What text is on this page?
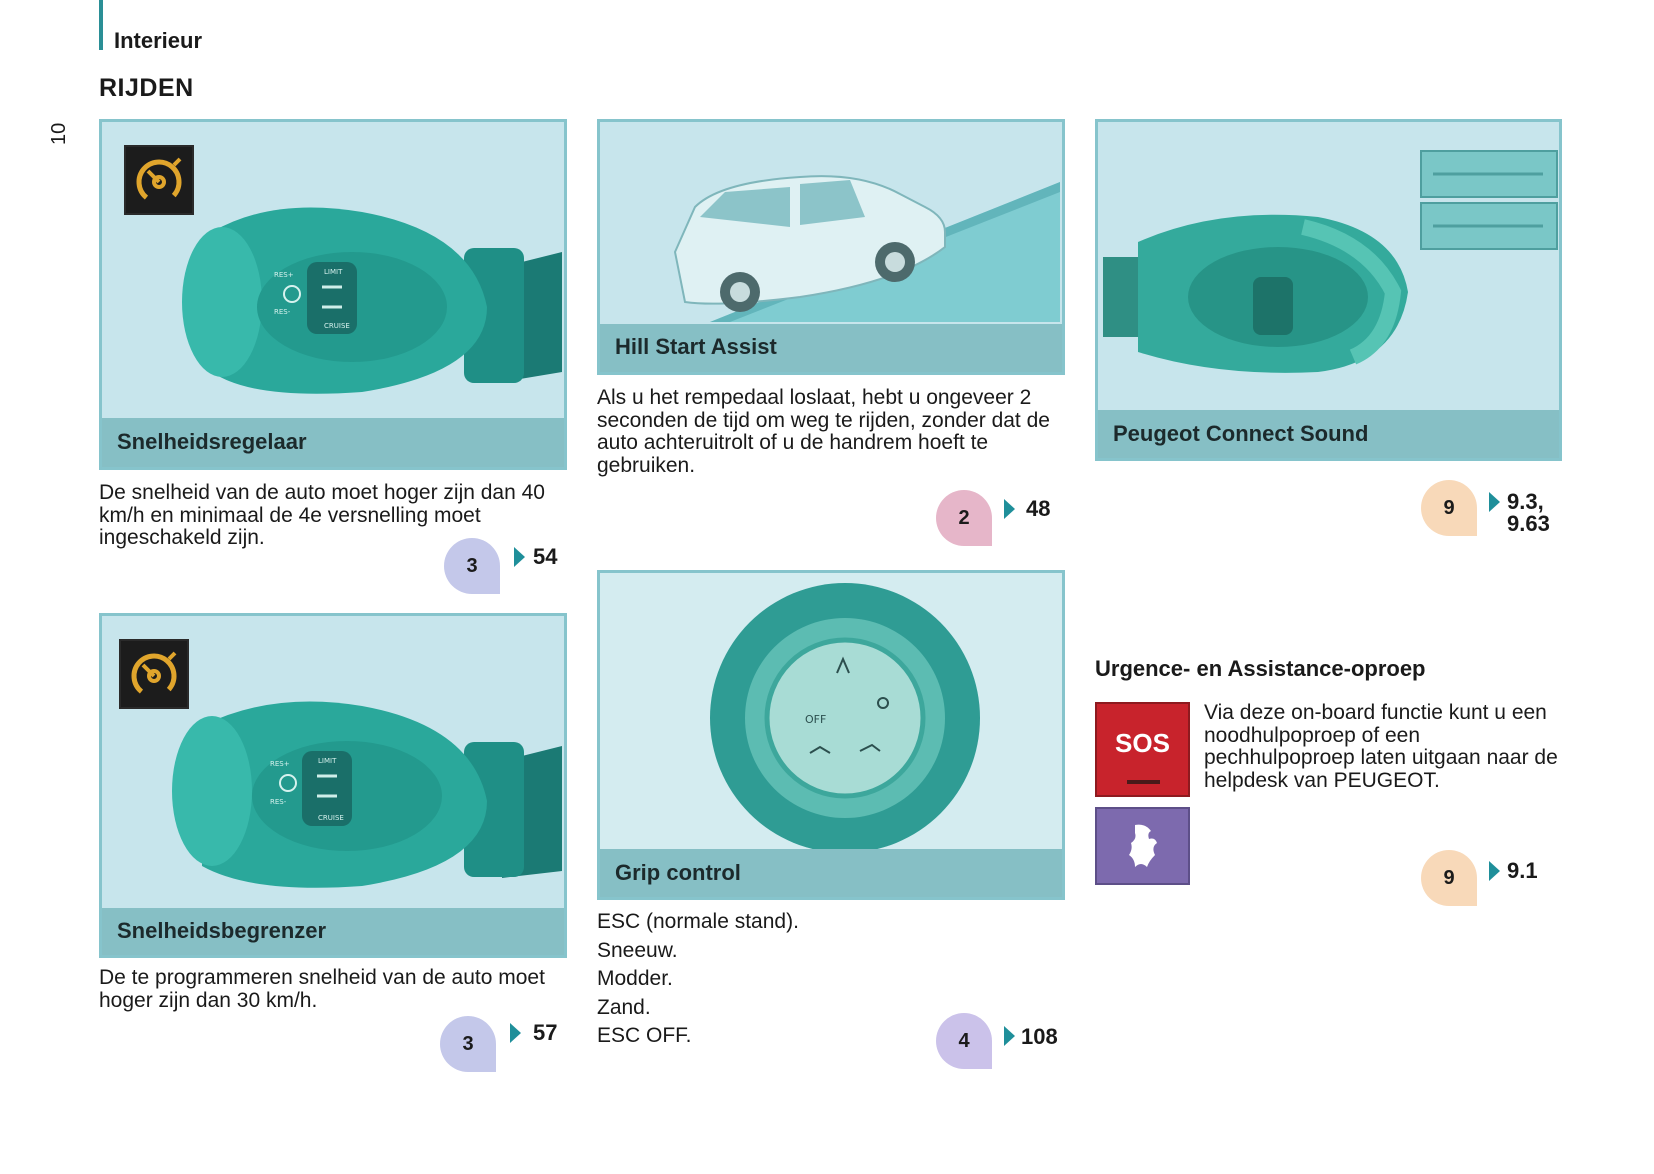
Interieur
RIJDEN
10
LIMIT
CRUISE
RES+
RES-
Snelheidsregelaar
De snelheid van de auto moet hoger zijn dan 40 km/h en minimaal de 4e versnelling moet ingeschakeld zijn.
3	54
LIMIT
CRUISE
RES+
RES-
Snelheidsbegrenzer
De te programmeren snelheid van de auto moet hoger zijn dan 30 km/h.
3	57
Hill Start Assist
Als u het rempedaal loslaat, hebt u ongeveer 2 seconden de tijd om weg te rijden, zonder dat de auto achteruitrolt of u de handrem hoeft te gebruiken.
2	48
OFF
Grip control
ESC (normale stand).
Sneeuw.
Modder.
Zand.
ESC OFF.	4 108
Peugeot Connect Sound
9 9.3,
9.63
Urgence- en Assistance-oproep
SOS
Via deze on-board functie kunt u een noodhulpoproep of een pechhulpoproep laten uitgaan naar de helpdesk van PEUGEOT.
9 9.1
